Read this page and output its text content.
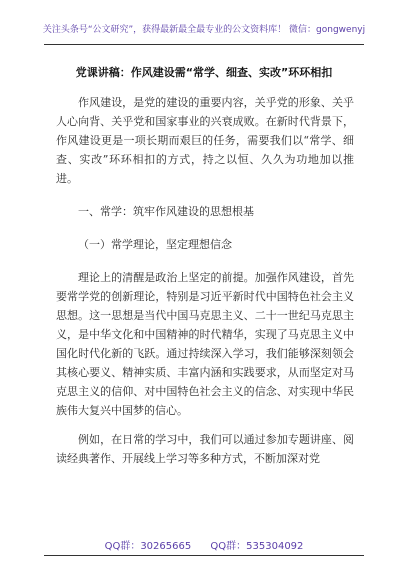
关注头条号“公文研究”，获得最新最全最专业的公文资料库！ 微信：gongwenyj
党课讲稿：作风建设需“常学、细查、实改”环环相扣

作风建设，是党的建设的重要内容，关乎党的形象、关乎人心向背、关乎党和国家事业的兴衰成败。在新时代背景下，作风建设更是一项长期而艰巨的任务，需要我们以“常学、细查、实改”环环相扣的方式，持之以恒、久久为功地加以推进。

一、常学：筑牢作风建设的思想根基

（一）常学理论，坚定理想信念

理论上的清醒是政治上坚定的前提。加强作风建设，首先要常学党的创新理论，特别是习近平新时代中国特色社会主义思想。这一思想是当代中国马克思主义、二十一世纪马克思主义，是中华文化和中国精神的时代精华，实现了马克思主义中国化时代化新的飞跃。通过持续深入学习，我们能够深刻领会其核心要义、精神实质、丰富内涵和实践要求，从而坚定对马克思主义的信仰、对中国特色社会主义的信念、对实现中华民族伟大复兴中国梦的信心。

例如，在日常的学习中，我们可以通过参加专题讲座、阅读经典著作、开展线上学习等多种方式，不断加深对党

QQ群：30265665 QQ群：535304092
